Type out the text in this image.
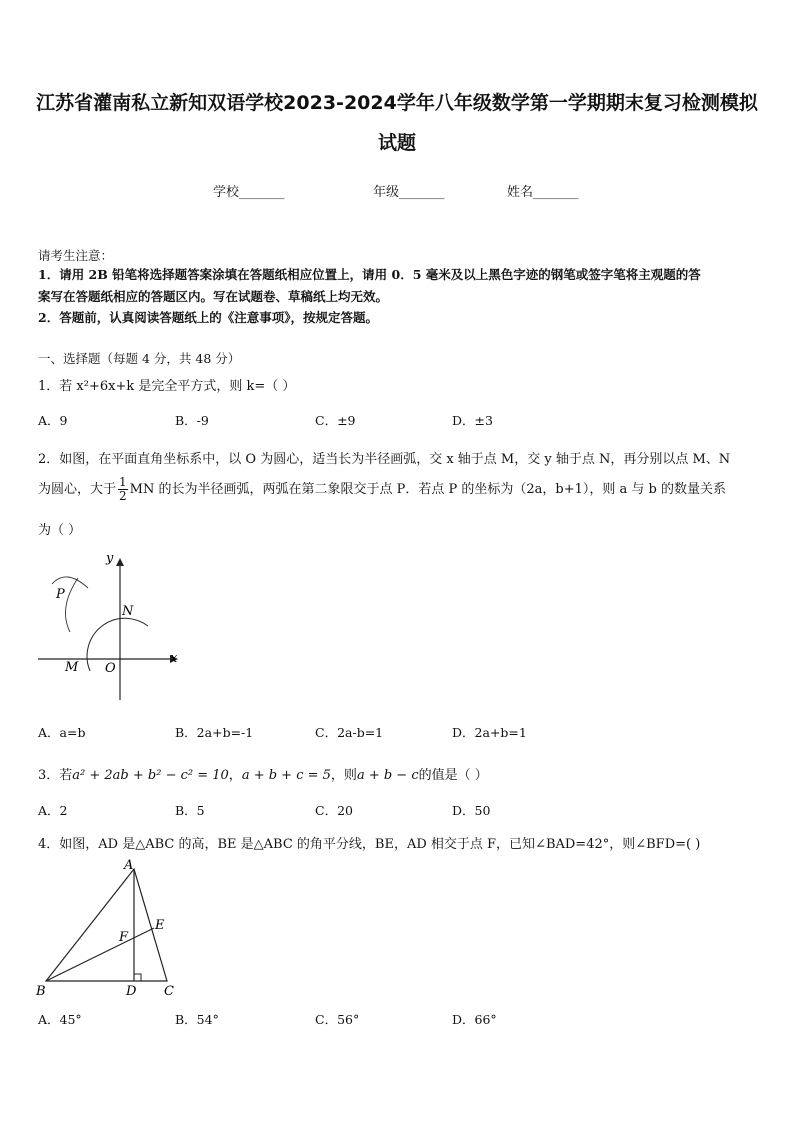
江苏省灌南私立新知双语学校2023-2024学年八年级数学第一学期期末复习检测模拟
试题
学校_______	年级_______	姓名_______
请考生注意：
1．请用 2B 铅笔将选择题答案涂填在答题纸相应位置上，请用 0．5 毫米及以上黑色字迹的钢笔或签字笔将主观题的答
案写在答题纸相应的答题区内。写在试题卷、草稿纸上均无效。
2．答题前，认真阅读答题纸上的《注意事项》，按规定答题。
一、选择题（每题 4 分，共 48 分）
1．若 x²+6x+k 是完全平方式，则 k=（ ）
A．9	B．-9	C．±9	D．±3
2．如图，在平面直角坐标系中，以 O 为圆心，适当长为半径画弧，交 x 轴于点 M，交 y 轴于点 N，再分别以点 M、N
为圆心，大于 $\frac{1}{2}$ MN 的长为半径画弧，两弧在第二象限交于点 P．若点 P 的坐标为（2a，b+1），则 a 与 b 的数量关系
为（ ）
P
N
M O
x
y
A．a=b	B．2a+b=-1	C．2a-b=1	D．2a+b=1
3．若a² + 2ab + b² − c² = 10，a + b + c = 5，则a + b − c的值是（ ）
A．2	B．5	C．20	D．50
4．如图，AD 是△ABC 的高，BE 是△ABC 的角平分线，BE，AD 相交于点 F，已知∠BAD=42°，则∠BFD=( )
A
B	D C
E
F
A．45°	B．54°	C．56°	D．66°
